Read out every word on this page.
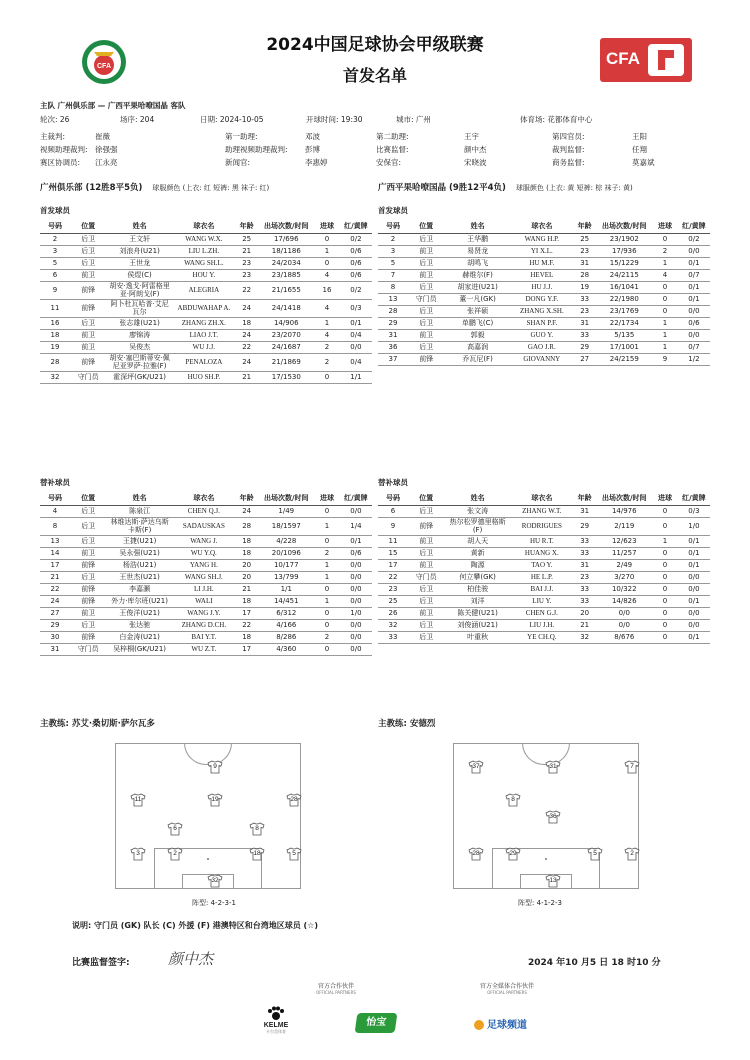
CFA
2024中国足球协会甲级联赛
首发名单
CFA
主队 广州俱乐部 — 广西平果哈嘹国晶 客队
轮次: 26	场序: 204	日期: 2024-10-05	开球时间: 19:30	城市: 广州	体育场: 花都体育中心
主裁判:	崔薇	第一助理:	邓波	第二助理:	王宇	第四官员:	王阳
视频助理裁判: 徐强强	助理视频助理裁判: 彭博	比赛监督:	颜中杰	裁判监督:	任翔
赛区协调员: 江永亮	新闻官:	李惠婷	安保官:	宋晓波	商务监督:	莫嘉斌
广州俱乐部 (12胜8平5负) 球服颜色 (上衣: 红 短裤: 黑 袜子: 红)	广西平果哈嘹国晶 (9胜12平4负) 球服颜色 (上衣: 黄 短裤: 棕 袜子: 黄)
首发球员	首发球员
替补球员	替补球员
号码	位置	姓名	球衣名	年龄	出场次数/时间	进球	红/黄牌
2	后卫	王文轩	WANG W.X.	25	17/696	0	0/2
3	后卫	刘浪舟(U21)	LIU L.ZH.	21	18/1186	1	0/6
5	后卫	王世龙	WANG SH.L.	23	24/2034	0	0/6
6	前卫	侯煜(C)	HOU Y.	23	23/1885	4	0/6
9	前锋	胡安·逸戈·阿雷格里亚·阿朗戈(F)	ALEGRIA	22	21/1655	16	0/2
11	前锋	阿卜杜瓦哈普·艾尼瓦尔	ABDUWAHAP A.	24	24/1418	4	0/3
16	后卫	张志雄(U21)	ZHANG ZH.X.	18	14/906	1	0/1
18	前卫	廖锦涛	LIAO J.T.	24	23/2070	4	0/4
19	前卫	吴俊杰	WU J.J.	22	24/1687	2	0/0
28	前锋	胡安·塞巴斯蒂安·佩尼亚罗萨·拉雅(F)	PENALOZA	24	21/1869	2	0/4
32	守门员	霍深坪(GK/U21)	HUO SH.P.	21	17/1530	0	1/1
号码	位置	姓名	球衣名	年龄	出场次数/时间	进球	红/黄牌
2	后卫	王华鹏	WANG H.P.	25	23/1902	0	0/2
3	前卫	易贤龙	YI X.L.	23	17/936	2	0/0
5	后卫	胡鸣飞	HU M.F.	31	15/1229	1	0/1
7	前卫	赫维尔(F)	HEVEL	28	24/2115	4	0/7
8	后卫	胡家进(U21)	HU J.J.	19	16/1041	0	0/1
13	守门员	董一凡(GK)	DONG Y.F.	33	22/1980	0	0/1
28	后卫	张祥硕	ZHANG X.SH.	23	23/1769	0	0/0
29	后卫	单鹏飞(C)	SHAN P.F.	31	22/1734	1	0/6
31	前卫	郭毅	GUO Y.	33	5/135	1	0/0
36	后卫	高嘉润	GAO J.R.	29	17/1001	1	0/7
37	前锋	乔瓦尼(F)	GIOVANNY	27	24/2159	9	1/2
号码	位置	姓名	球衣名	年龄	出场次数/时间	进球	红/黄牌
4	后卫	陈泉江	CHEN Q.J.	24	1/49	0	0/0
8	后卫	林维达斯·萨达乌斯卡斯(F)	SADAUSKAS	28	18/1597	1	1/4
13	后卫	王捷(U21)	WANG J.	18	4/228	0	0/1
14	前卫	吴永强(U21)	WU Y.Q.	18	20/1096	2	0/6
17	前锋	杨浩(U21)	YANG H.	20	10/177	1	0/0
21	后卫	王世杰(U21)	WANG SH.J.	20	13/799	1	0/0
22	前锋	李嘉灏	LI J.H.	21	1/1	0	0/0
24	前锋	外力·库尔班(U21)	WALI	18	14/451	1	0/0
27	前卫	王俊洋(U21)	WANG J.Y.	17	6/312	0	1/0
29	后卫	张达驰	ZHANG D.CH.	22	4/166	0	0/0
30	前锋	白金涛(U21)	BAI Y.T.	18	8/286	2	0/0
31	守门员	吴梓桐(GK/U21)	WU Z.T.	17	4/360	0	0/0
号码	位置	姓名	球衣名	年龄	出场次数/时间	进球	红/黄牌
6	后卫	张文涛	ZHANG W.T.	31	14/976	0	0/3
9	前锋	热尔松罗德里格斯(F)	RODRIGUES	29	2/119	0	1/0
11	前卫	胡人天	HU R.T.	33	12/623	1	0/1
15	后卫	黄新	HUANG X.	33	11/257	0	0/1
17	前卫	陶源	TAO Y.	31	2/49	0	0/1
22	守门员	何立攀(GK)	HE L.P.	23	3/270	0	0/0
23	后卫	柏佳骏	BAI J.J.	33	10/322	0	0/0
25	后卫	刘洋	LIU Y.	33	14/826	0	0/1
26	前卫	陈关健(U21)	CHEN G.J.	20	0/0	0	0/0
32	后卫	刘俊涵(U21)	LIU J.H.	21	0/0	0	0/0
33	后卫	叶重秋	YE CH.Q.	32	8/676	0	0/1
主教练: 苏艾·桑切斯·萨尔瓦多	主教练: 安德烈
9
11	19	28
6	8
3	2	18	5
32
37	31	7
8
36
28	29	5	2
13
阵型: 4-2-3-1	阵型: 4-1-2-3
说明: 守门员 (GK) 队长 (C) 外援 (F) 港澳特区和台湾地区球员 (☆)
比赛监督签字:	颜中杰	2024 年10 月5 日 18 时10 分
官方合作伙伴
OFFICIAL PARTNERS
官方全媒体合作伙伴
OFFICIAL PARTNERS
KELME
卡尔美体育
怡宝	足球频道
